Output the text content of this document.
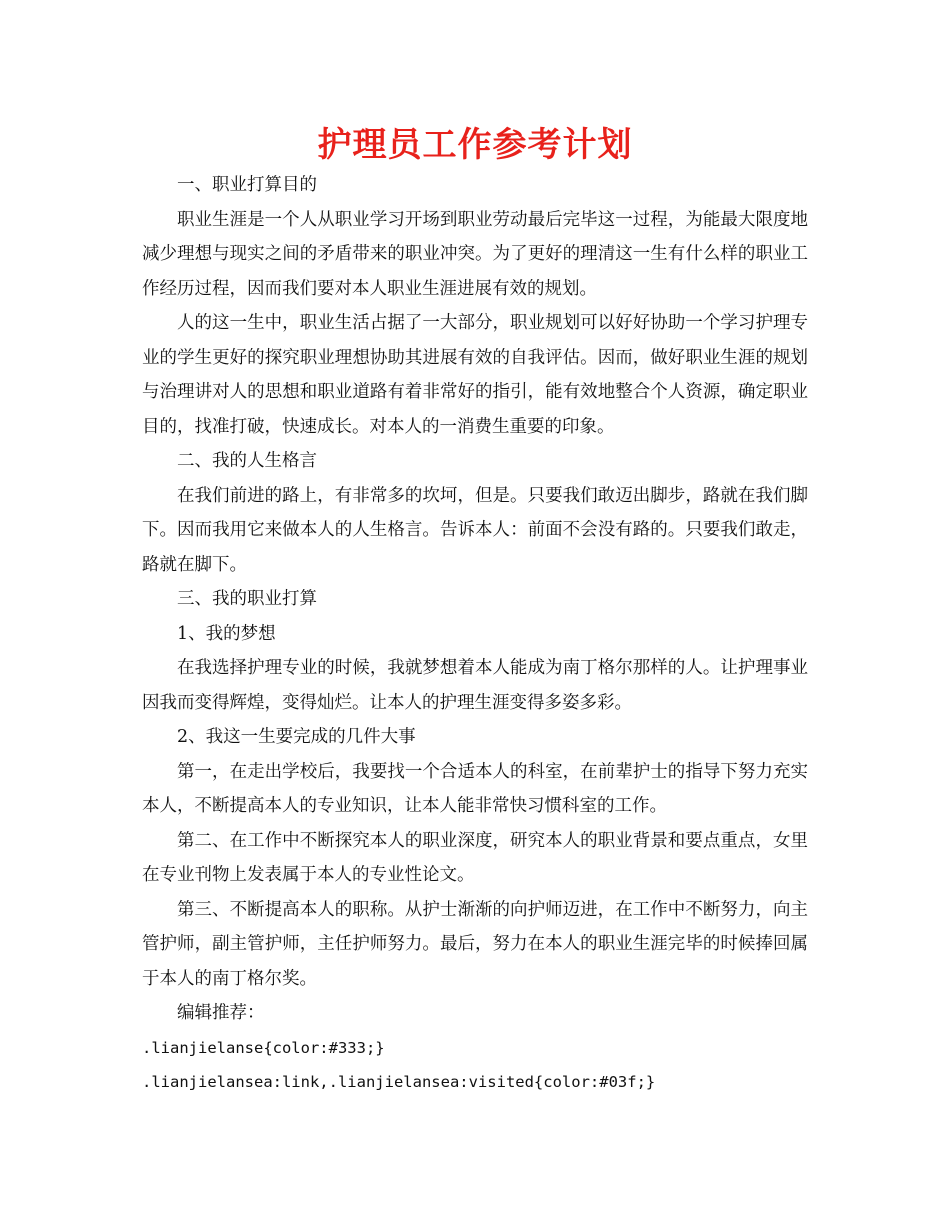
护理员工作参考计划

一、职业打算目的

职业生涯是一个人从职业学习开场到职业劳动最后完毕这一过程，为能最大限度地减少理想与现实之间的矛盾带来的职业冲突。为了更好的理清这一生有什么样的职业工作经历过程，因而我们要对本人职业生涯进展有效的规划。

人的这一生中，职业生活占据了一大部分，职业规划可以好好协助一个学习护理专业的学生更好的探究职业理想协助其进展有效的自我评估。因而，做好职业生涯的规划与治理讲对人的思想和职业道路有着非常好的指引，能有效地整合个人资源，确定职业目的，找准打破，快速成长。对本人的一消费生重要的印象。

二、我的人生格言

在我们前进的路上，有非常多的坎坷，但是。只要我们敢迈出脚步，路就在我们脚下。因而我用它来做本人的人生格言。告诉本人：前面不会没有路的。只要我们敢走，路就在脚下。

三、我的职业打算

1、我的梦想

在我选择护理专业的时候，我就梦想着本人能成为南丁格尔那样的人。让护理事业因我而变得辉煌，变得灿烂。让本人的护理生涯变得多姿多彩。

2、我这一生要完成的几件大事

第一，在走出学校后，我要找一个合适本人的科室，在前辈护士的指导下努力充实本人，不断提高本人的专业知识，让本人能非常快习惯科室的工作。

第二、在工作中不断探究本人的职业深度，研究本人的职业背景和要点重点，女里在专业刊物上发表属于本人的专业性论文。

第三、不断提高本人的职称。从护士渐渐的向护师迈进，在工作中不断努力，向主管护师，副主管护师，主任护师努力。最后，努力在本人的职业生涯完毕的时候捧回属于本人的南丁格尔奖。

编辑推荐：

.lianjielanse{color:#333;}

.lianjielansea:link,.lianjielansea:visited{color:#03f;}
